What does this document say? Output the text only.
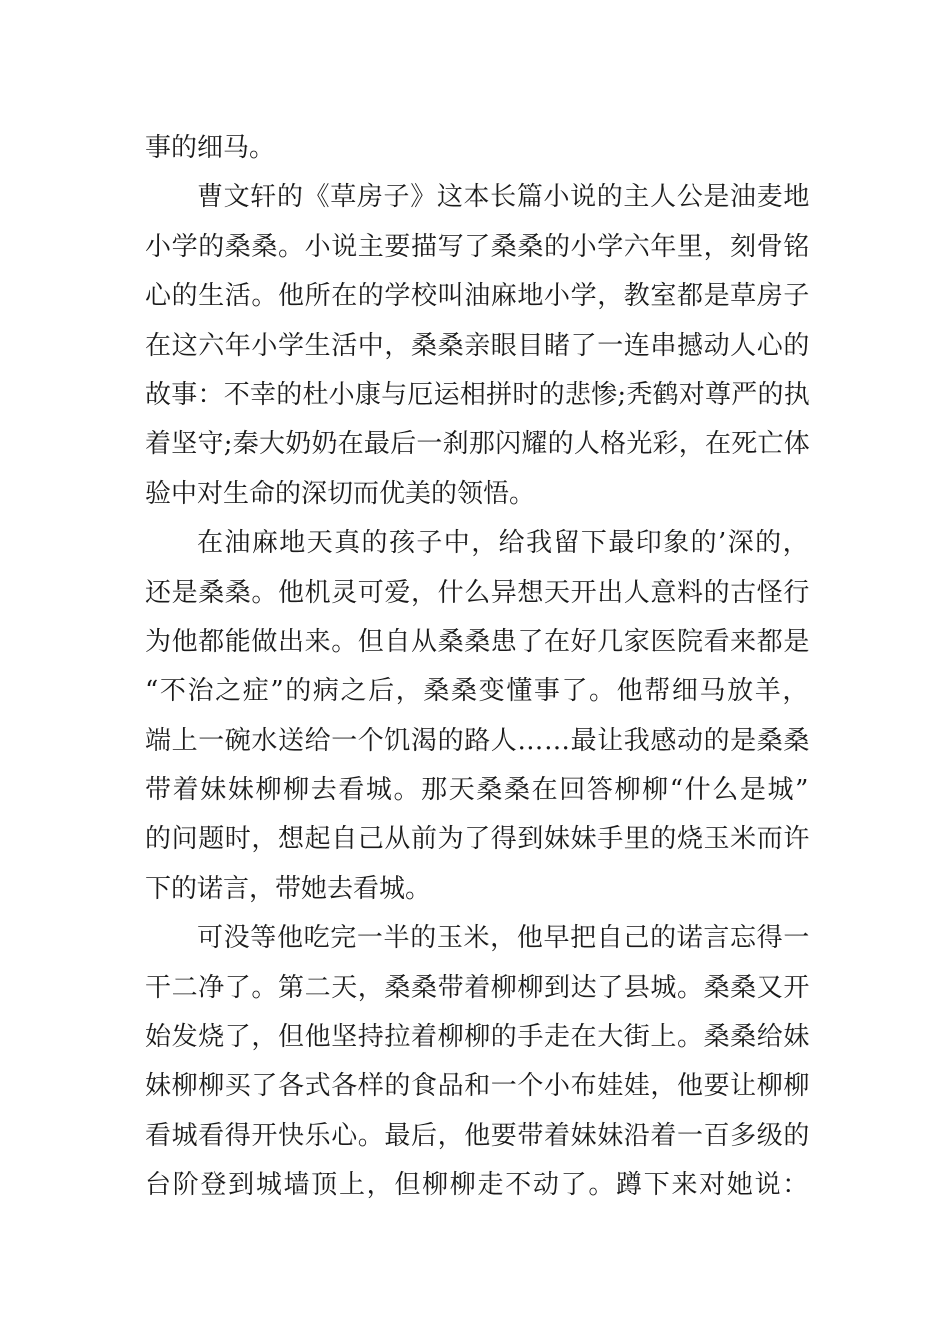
事的细马。
曹文轩的《草房子》这本长篇小说的主人公是油麦地
小学的桑桑。小说主要描写了桑桑的小学六年里，刻骨铭
心的生活。他所在的学校叫油麻地小学，教室都是草房子
在这六年小学生活中，桑桑亲眼目睹了一连串撼动人心的
故事：不幸的杜小康与厄运相拼时的悲惨;秃鹤对尊严的执
着坚守;秦大奶奶在最后一刹那闪耀的人格光彩，在死亡体
验中对生命的深切而优美的领悟。
在油麻地天真的孩子中，给我留下最印象的’深的，
还是桑桑。他机灵可爱，什么异想天开出人意料的古怪行
为他都能做出来。但自从桑桑患了在好几家医院看来都是
“不治之症”的病之后，桑桑变懂事了。他帮细马放羊，
端上一碗水送给一个饥渴的路人……最让我感动的是桑桑
带着妹妹柳柳去看城。那天桑桑在回答柳柳“什么是城”
的问题时，想起自己从前为了得到妹妹手里的烧玉米而许
下的诺言，带她去看城。
可没等他吃完一半的玉米，他早把自己的诺言忘得一
干二净了。第二天，桑桑带着柳柳到达了县城。桑桑又开
始发烧了，但他坚持拉着柳柳的手走在大街上。桑桑给妹
妹柳柳买了各式各样的食品和一个小布娃娃，他要让柳柳
看城看得开快乐心。最后，他要带着妹妹沿着一百多级的
台阶登到城墙顶上，但柳柳走不动了。蹲下来对她说：
